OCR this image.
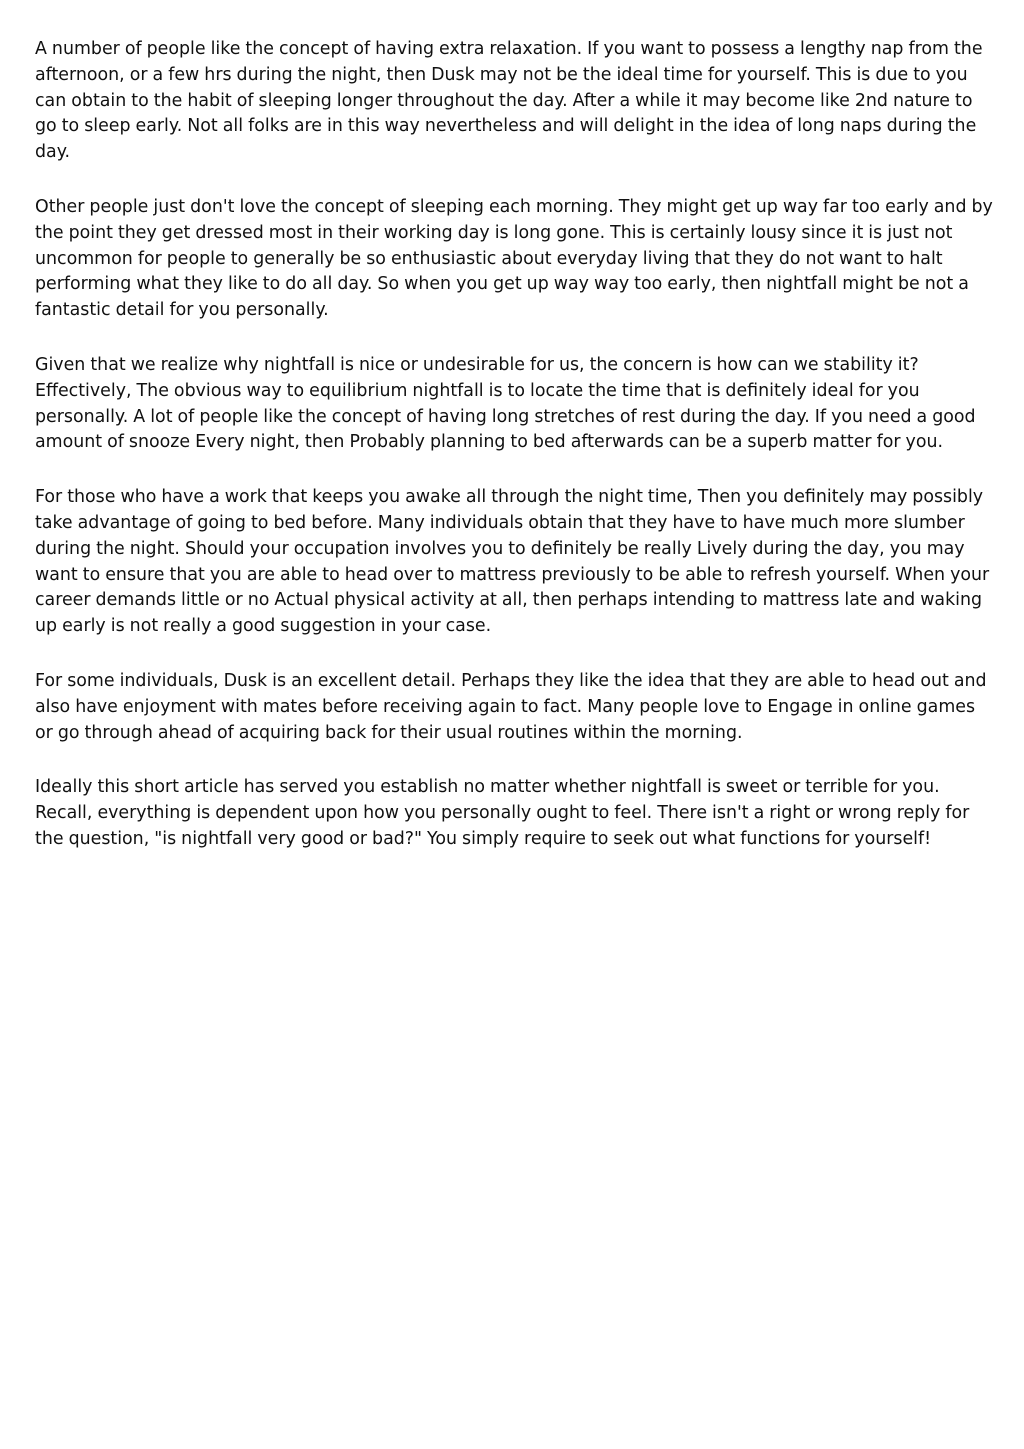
A number of people like the concept of having extra relaxation. If you want to possess a lengthy nap from the afternoon, or a few hrs during the night, then Dusk may not be the ideal time for yourself. This is due to you can obtain to the habit of sleeping longer throughout the day. After a while it may become like 2nd nature to go to sleep early. Not all folks are in this way nevertheless and will delight in the idea of long naps during the day.

Other people just don't love the concept of sleeping each morning. They might get up way far too early and by the point they get dressed most in their working day is long gone. This is certainly lousy since it is just not uncommon for people to generally be so enthusiastic about everyday living that they do not want to halt performing what they like to do all day. So when you get up way way too early, then nightfall might be not a fantastic detail for you personally.

Given that we realize why nightfall is nice or undesirable for us, the concern is how can we stability it? Effectively, The obvious way to equilibrium nightfall is to locate the time that is definitely ideal for you personally. A lot of people like the concept of having long stretches of rest during the day. If you need a good amount of snooze Every night, then Probably planning to bed afterwards can be a superb matter for you.

For those who have a work that keeps you awake all through the night time, Then you definitely may possibly take advantage of going to bed before. Many individuals obtain that they have to have much more slumber during the night. Should your occupation involves you to definitely be really Lively during the day, you may want to ensure that you are able to head over to mattress previously to be able to refresh yourself. When your career demands little or no Actual physical activity at all, then perhaps intending to mattress late and waking up early is not really a good suggestion in your case.

For some individuals, Dusk is an excellent detail. Perhaps they like the idea that they are able to head out and also have enjoyment with mates before receiving again to fact. Many people love to Engage in online games or go through ahead of acquiring back for their usual routines within the morning.

Ideally this short article has served you establish no matter whether nightfall is sweet or terrible for you. Recall, everything is dependent upon how you personally ought to feel. There isn't a right or wrong reply for the question, "is nightfall very good or bad?" You simply require to seek out what functions for yourself!
